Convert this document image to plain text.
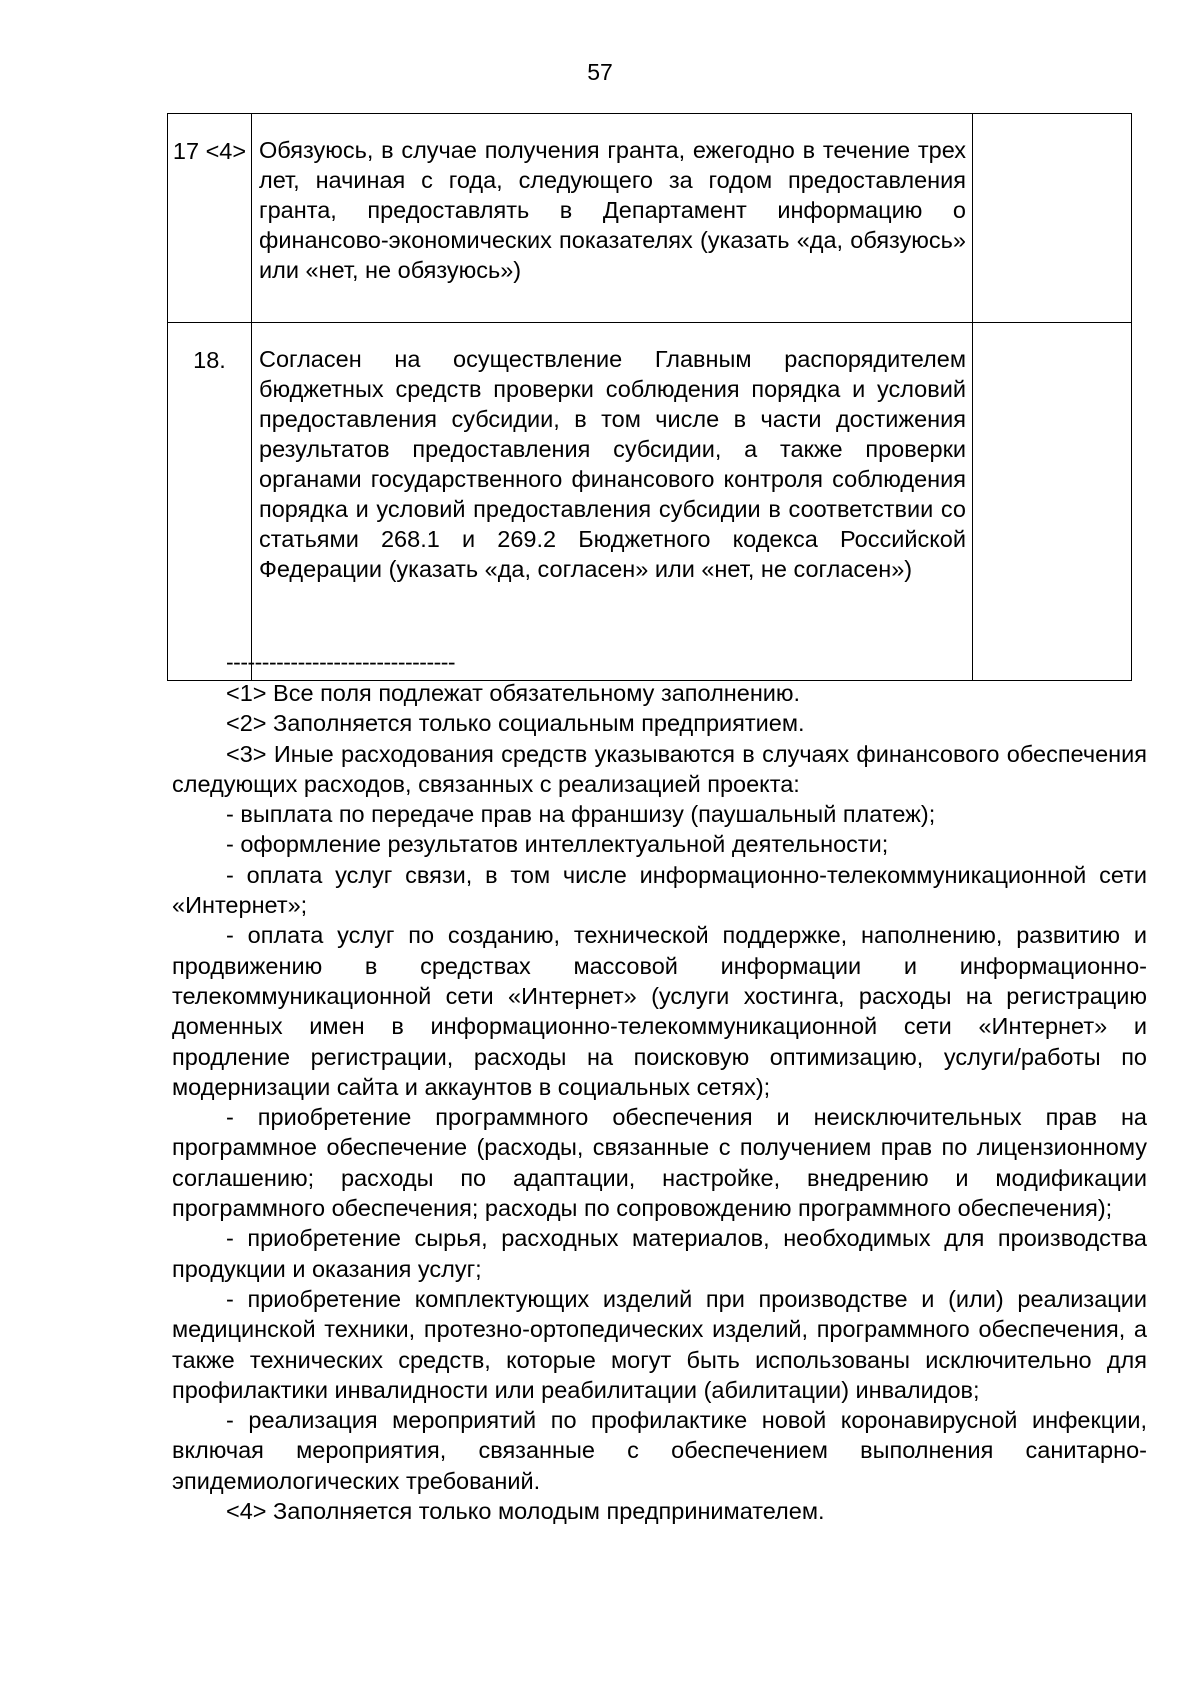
57
17 <4>	Обязуюсь, в случае получения гранта, ежегодно в течение трех лет, начиная с года, следующего за годом предоставления гранта, предоставлять в Департамент информацию о финансово-экономических показателях (указать «да, обязуюсь» или «нет, не обязуюсь»)	

18.	Согласен на осуществление Главным распорядителем бюджетных средств проверки соблюдения порядка и условий предоставления субсидии, в том числе в части достижения результатов предоставления субсидии, а также проверки органами государственного финансового контроля соблюдения порядка и условий предоставления субсидии в соответствии со статьями 268.1 и 269.2 Бюджетного кодекса Российской Федерации (указать «да, согласен» или «нет, не согласен»)	

--------------------------------

<1> Все поля подлежат обязательному заполнению.

<2> Заполняется только социальным предприятием.

<3> Иные расходования средств указываются в случаях финансового обеспечения следующих расходов, связанных с реализацией проекта:

- выплата по передаче прав на франшизу (паушальный платеж);

- оформление результатов интеллектуальной деятельности;

- оплата услуг связи, в том числе информационно-телекоммуникационной сети «Интернет»;

- оплата услуг по созданию, технической поддержке, наполнению, развитию и продвижению в средствах массовой информации и информационно-телекоммуникационной сети «Интернет» (услуги хостинга, расходы на регистрацию доменных имен в информационно-телекоммуникационной сети «Интернет» и продление регистрации, расходы на поисковую оптимизацию, услуги/работы по модернизации сайта и аккаунтов в социальных сетях);

- приобретение программного обеспечения и неисключительных прав на программное обеспечение (расходы, связанные с получением прав по лицензионному соглашению; расходы по адаптации, настройке, внедрению и модификации программного обеспечения; расходы по сопровождению программного обеспечения);

- приобретение сырья, расходных материалов, необходимых для производства продукции и оказания услуг;

- приобретение комплектующих изделий при производстве и (или) реализации медицинской техники, протезно-ортопедических изделий, программного обеспечения, а также технических средств, которые могут быть использованы исключительно для профилактики инвалидности или реабилитации (абилитации) инвалидов;

- реализация мероприятий по профилактике новой коронавирусной инфекции, включая мероприятия, связанные с обеспечением выполнения санитарно-эпидемиологических требований.

<4> Заполняется только молодым предпринимателем.
